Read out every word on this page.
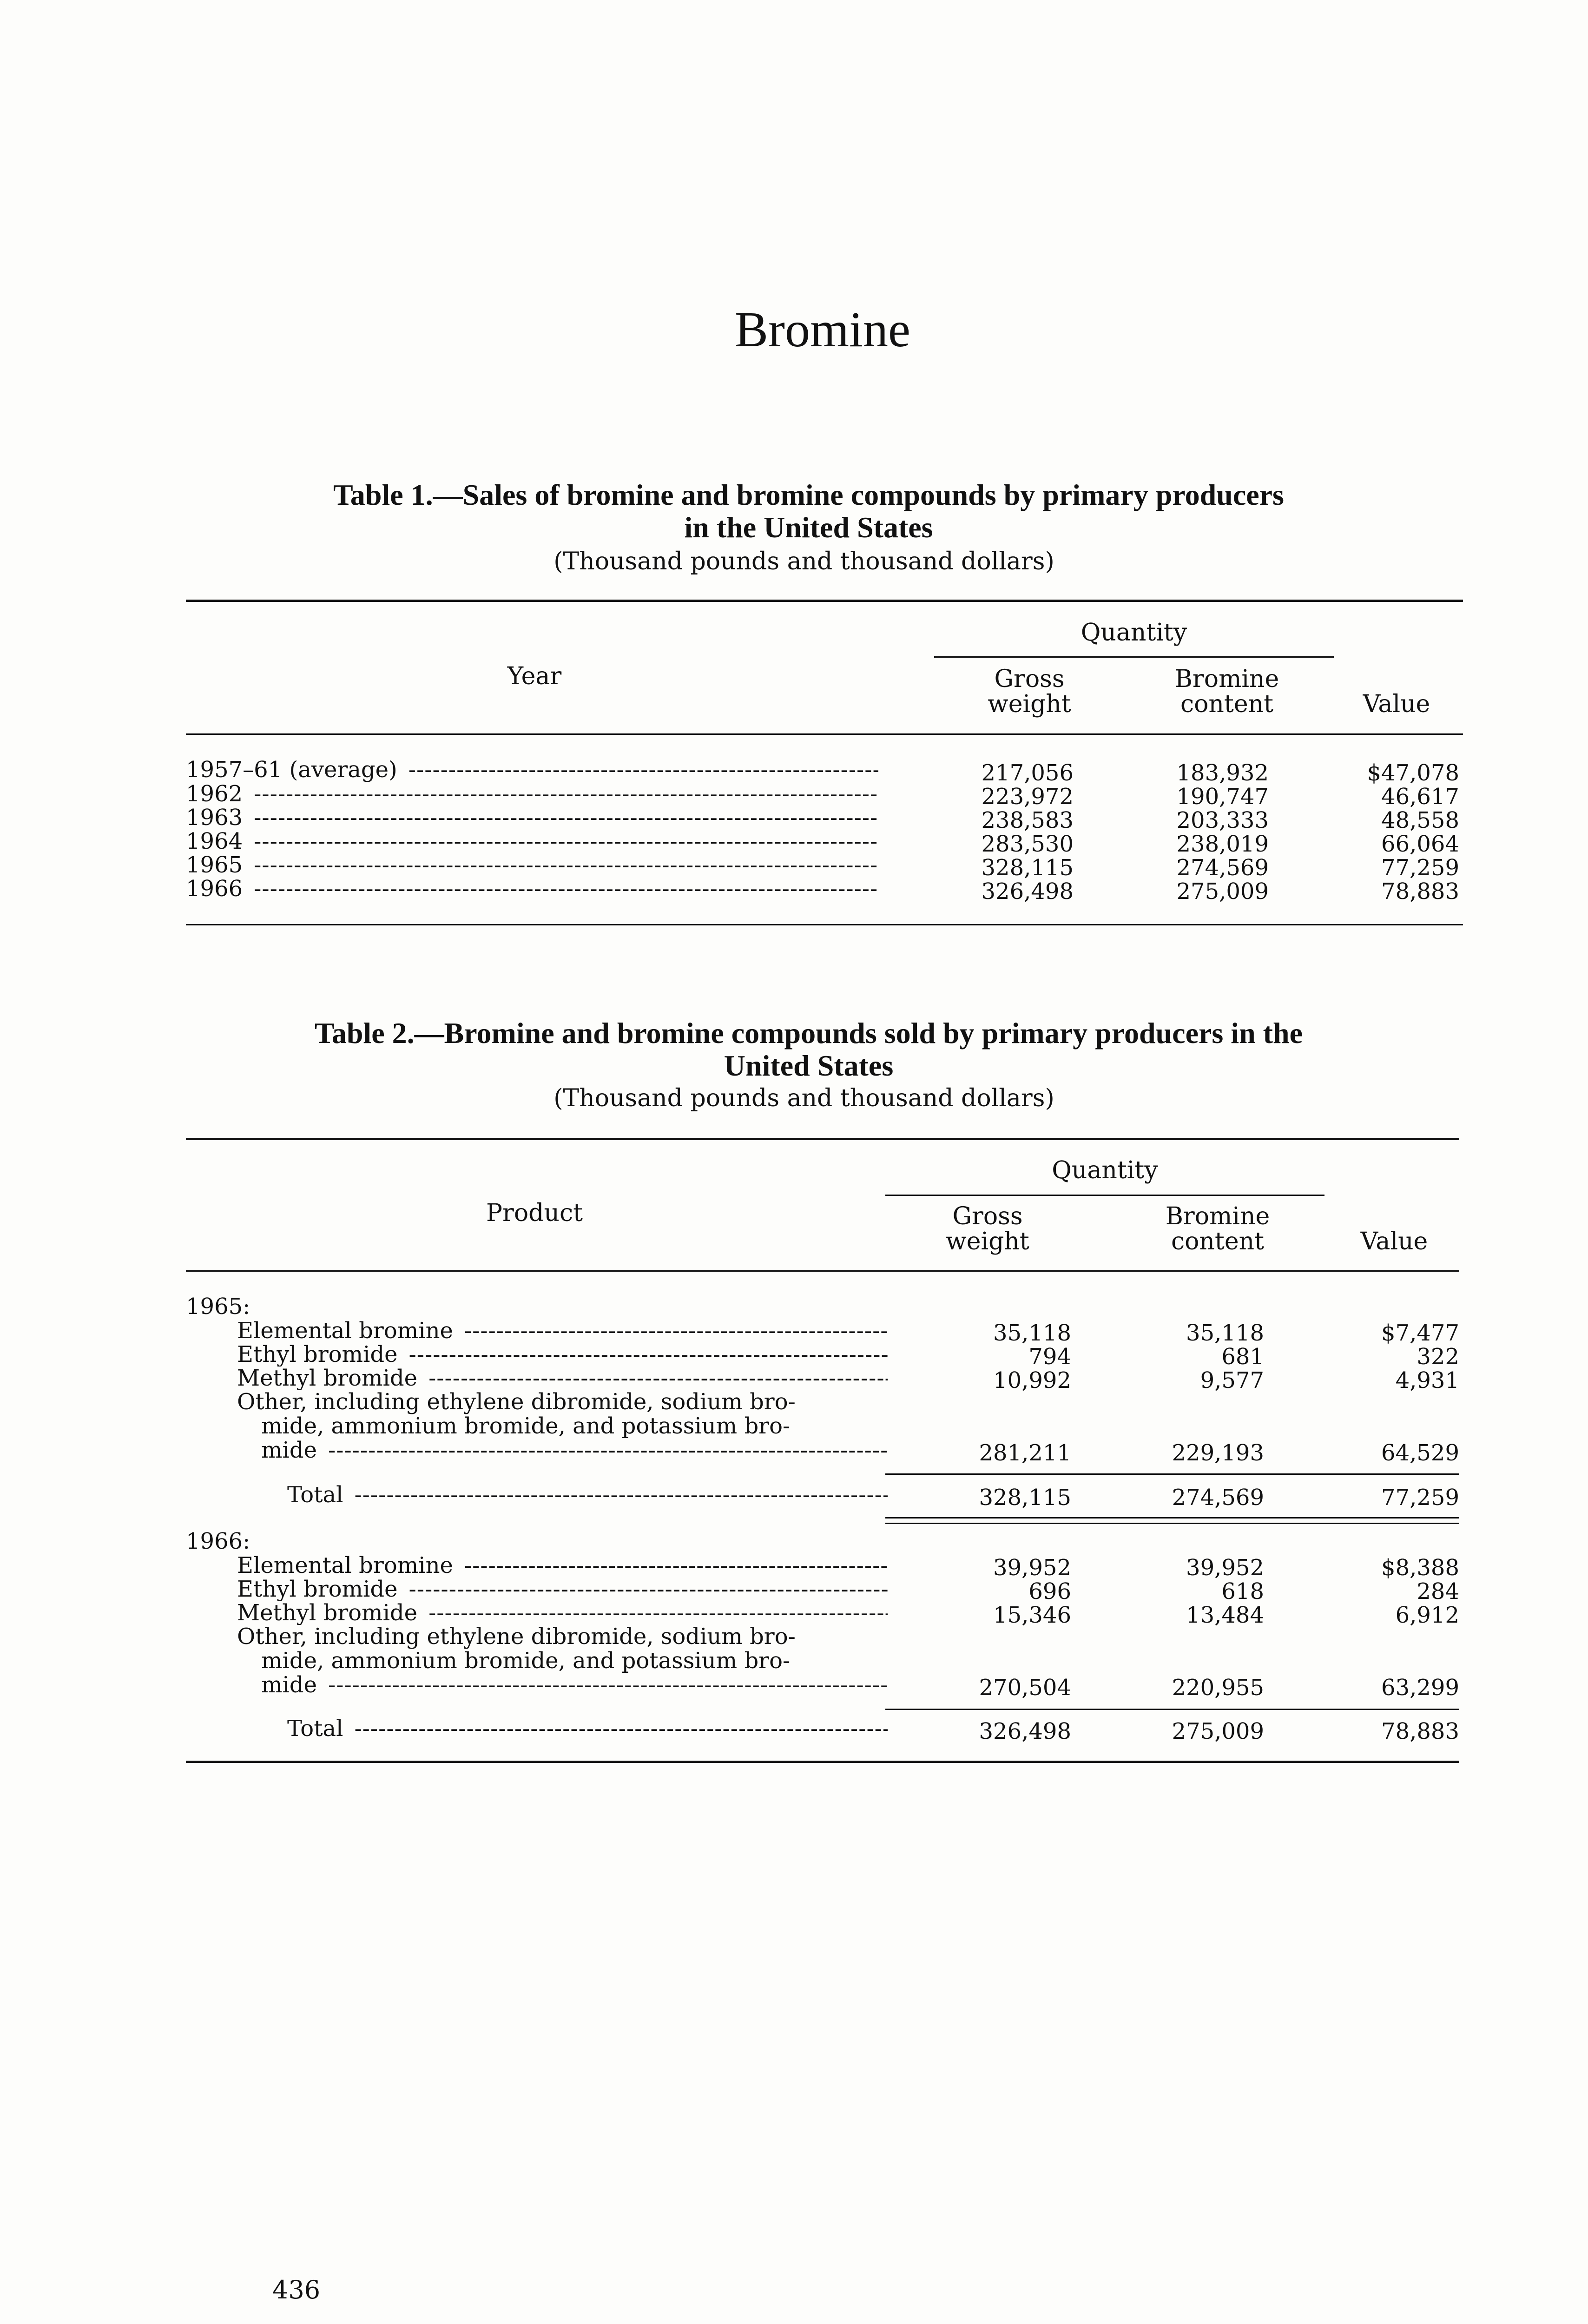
Bromine
Table 1.—Sales of bromine and bromine compounds by primary producers
in the United States
(Thousand pounds and thousand dollars)
Year
Quantity
Gross
weight
Bromine
content	Value
1957–61 (average) -----	217,056	183,932	$47,078
1962 -----	223,972	190,747	46,617
1963 -----	238,583	203,333	48,558
1964 -----	283,530	238,019	66,064
1965 -----	328,115	274,569	77,259
1966 -----	326,498	275,009	78,883
Table 2.—Bromine and bromine compounds sold by primary producers in the
United States
(Thousand pounds and thousand dollars)
Product
Quantity
Gross
weight
Bromine
content	Value
1965:
Elemental bromine -----	35,118	35,118	$7,477
Ethyl bromide -----	794	681	322
Methyl bromide -----	10,992	9,577	4,931
Other, including ethylene dibromide, sodium bro-
mide, ammonium bromide, and potassium bro-
mide -----	281,211	229,193	64,529
Total -----	328,115	274,569	77,259
1966:
Elemental bromine -----	39,952	39,952	$8,388
Ethyl bromide -----	696	618	284
Methyl bromide -----	15,346	13,484	6,912
Other, including ethylene dibromide, sodium bro-
mide, ammonium bromide, and potassium bro-
mide -----	270,504	220,955	63,299
Total -----	326,498	275,009	78,883
436
